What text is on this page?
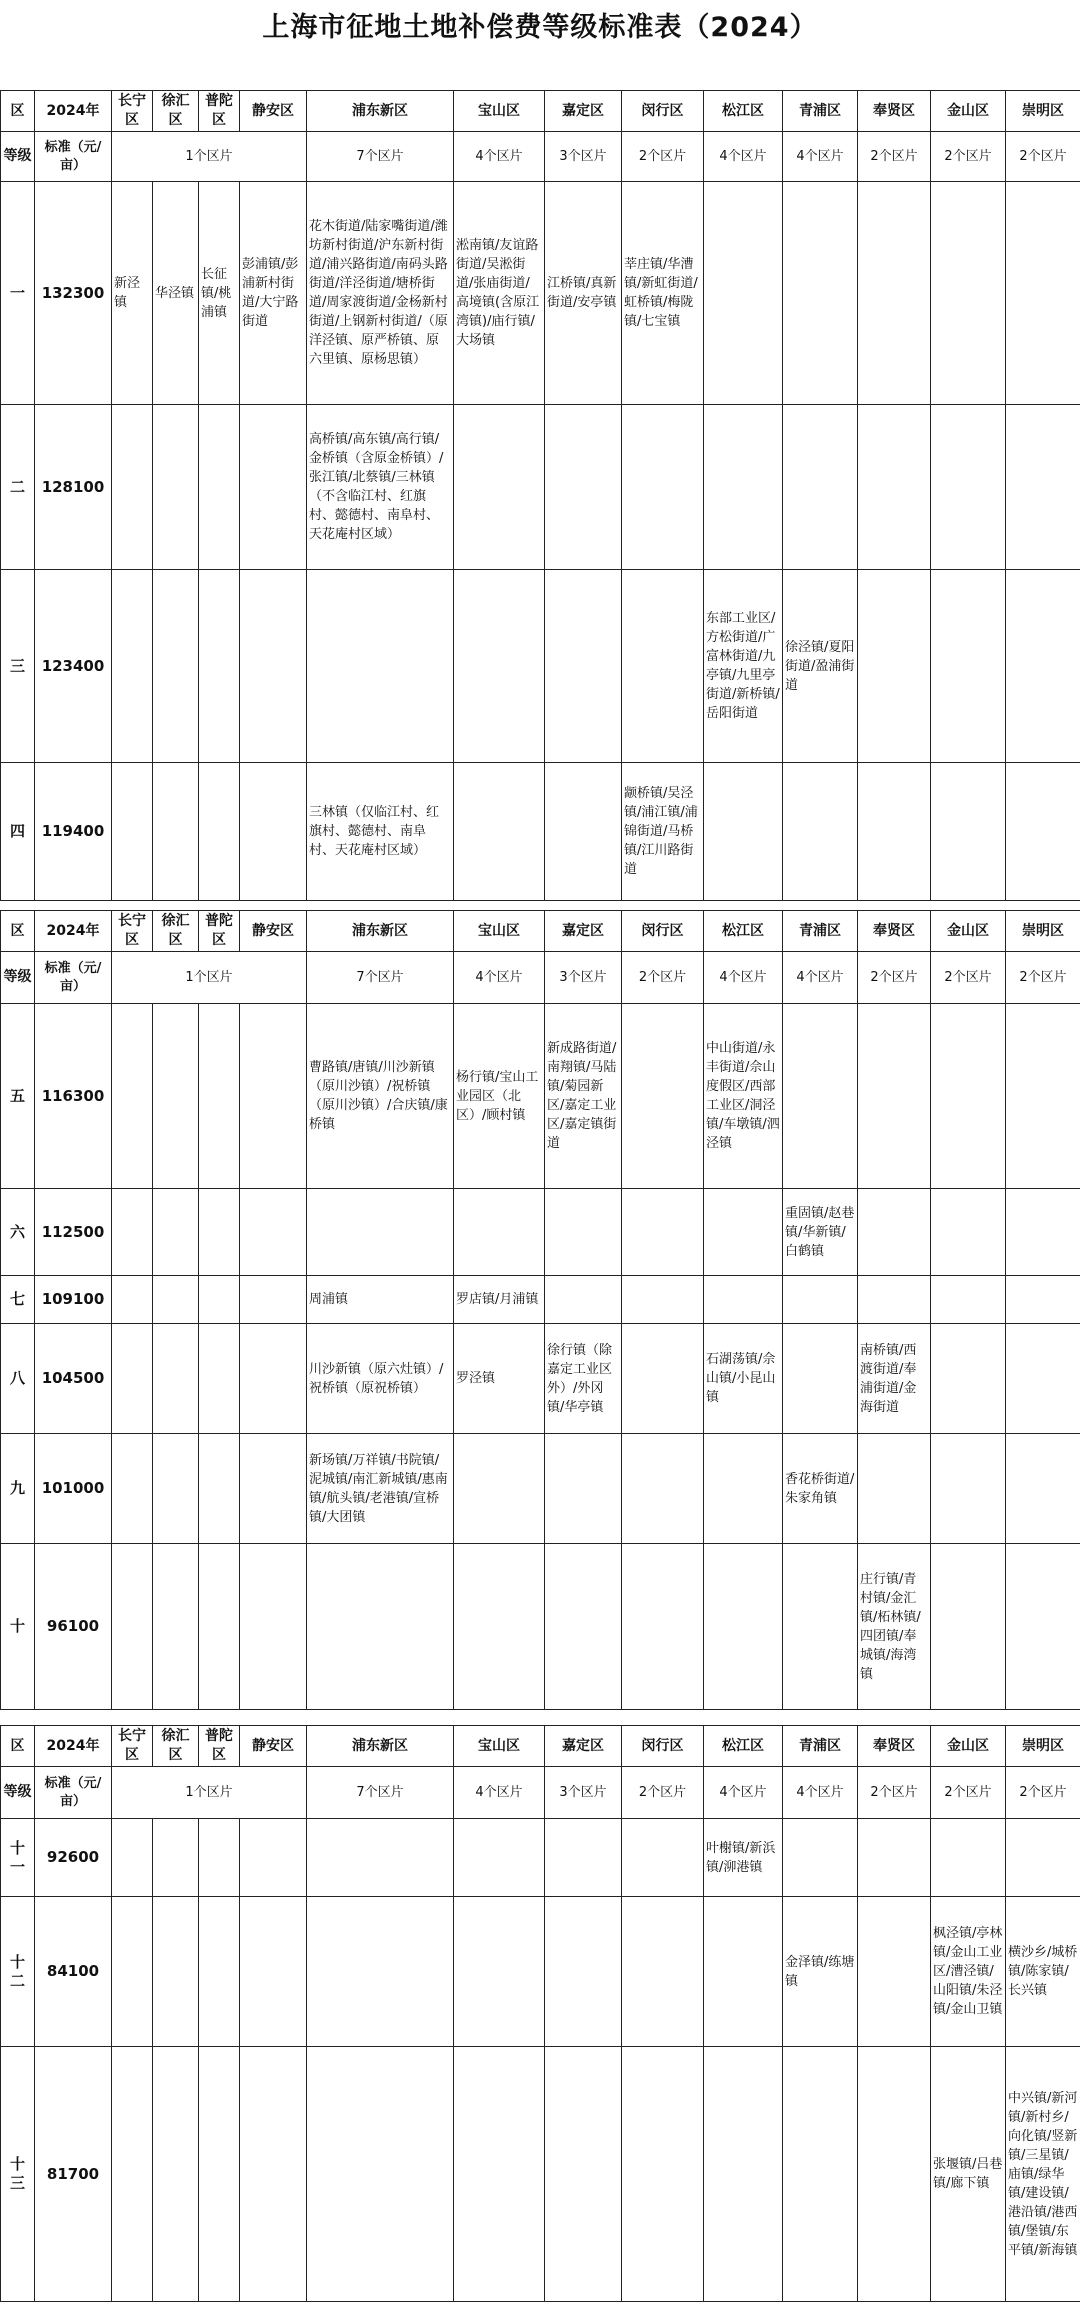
上海市征地土地补偿费等级标准表（2024）
区	2024年	长宁区	徐汇区	普陀区	静安区	浦东新区	宝山区	嘉定区	闵行区	松江区	青浦区	奉贤区	金山区	崇明区
等级	标准（元/亩）	1个区片				7个区片	4个区片	3个区片	2个区片	4个区片	4个区片	2个区片	2个区片	2个区片
一	132300	新泾镇	华泾镇	长征镇/桃浦镇	彭浦镇/彭浦新村街道/大宁路街道	花木街道/陆家嘴街道/潍坊新村街道/沪东新村街道/浦兴路街道/南码头路街道/洋泾街道/塘桥街道/周家渡街道/金杨新村街道/上钢新村街道/（原洋泾镇、原严桥镇、原六里镇、原杨思镇）	淞南镇/友谊路街道/吴淞街道/张庙街道/高境镇(含原江湾镇)/庙行镇/大场镇	江桥镇/真新街道/安亭镇	莘庄镇/华漕镇/新虹街道/虹桥镇/梅陇镇/七宝镇					
二	128100					高桥镇/高东镇/高行镇/金桥镇（含原金桥镇）/张江镇/北蔡镇/三林镇（不含临江村、红旗村、懿德村、南阜村、天花庵村区域）								
三	123400									东部工业区/方松街道/广富林街道/九亭镇/九里亭街道/新桥镇/岳阳街道	徐泾镇/夏阳街道/盈浦街道			
四	119400					三林镇（仅临江村、红旗村、懿德村、南阜村、天花庵村区域）			颛桥镇/吴泾镇/浦江镇/浦锦街道/马桥镇/江川路街道					
区	2024年	长宁区	徐汇区	普陀区	静安区	浦东新区	宝山区	嘉定区	闵行区	松江区	青浦区	奉贤区	金山区	崇明区
等级	标准（元/亩）	1个区片				7个区片	4个区片	3个区片	2个区片	4个区片	4个区片	2个区片	2个区片	2个区片
五	116300					曹路镇/唐镇/川沙新镇（原川沙镇）/祝桥镇（原川沙镇）/合庆镇/康桥镇	杨行镇/宝山工业园区（北区）/顾村镇	新成路街道/南翔镇/马陆镇/菊园新区/嘉定工业区/嘉定镇街道		中山街道/永丰街道/佘山度假区/西部工业区/洞泾镇/车墩镇/泗泾镇				
六	112500										重固镇/赵巷镇/华新镇/白鹤镇			
七	109100					周浦镇	罗店镇/月浦镇							
八	104500					川沙新镇（原六灶镇）/祝桥镇（原祝桥镇）	罗泾镇	徐行镇（除嘉定工业区外）/外冈镇/华亭镇		石湖荡镇/佘山镇/小昆山镇		南桥镇/西渡街道/奉浦街道/金海街道		
九	101000					新场镇/万祥镇/书院镇/泥城镇/南汇新城镇/惠南镇/航头镇/老港镇/宣桥镇/大团镇					香花桥街道/朱家角镇			
十	96100											庄行镇/青村镇/金汇镇/柘林镇/四团镇/奉城镇/海湾镇		
区	2024年	长宁区	徐汇区	普陀区	静安区	浦东新区	宝山区	嘉定区	闵行区	松江区	青浦区	奉贤区	金山区	崇明区
等级	标准（元/亩）	1个区片				7个区片	4个区片	3个区片	2个区片	4个区片	4个区片	2个区片	2个区片	2个区片
十一	92600									叶榭镇/新浜镇/泖港镇				
十二	84100										金泽镇/练塘镇		枫泾镇/亭林镇/金山工业区/漕泾镇/山阳镇/朱泾镇/金山卫镇	横沙乡/城桥镇/陈家镇/长兴镇
十三	81700												张堰镇/吕巷镇/廊下镇	中兴镇/新河镇/新村乡/向化镇/竖新镇/三星镇/庙镇/绿华镇/建设镇/港沿镇/港西镇/堡镇/东平镇/新海镇
